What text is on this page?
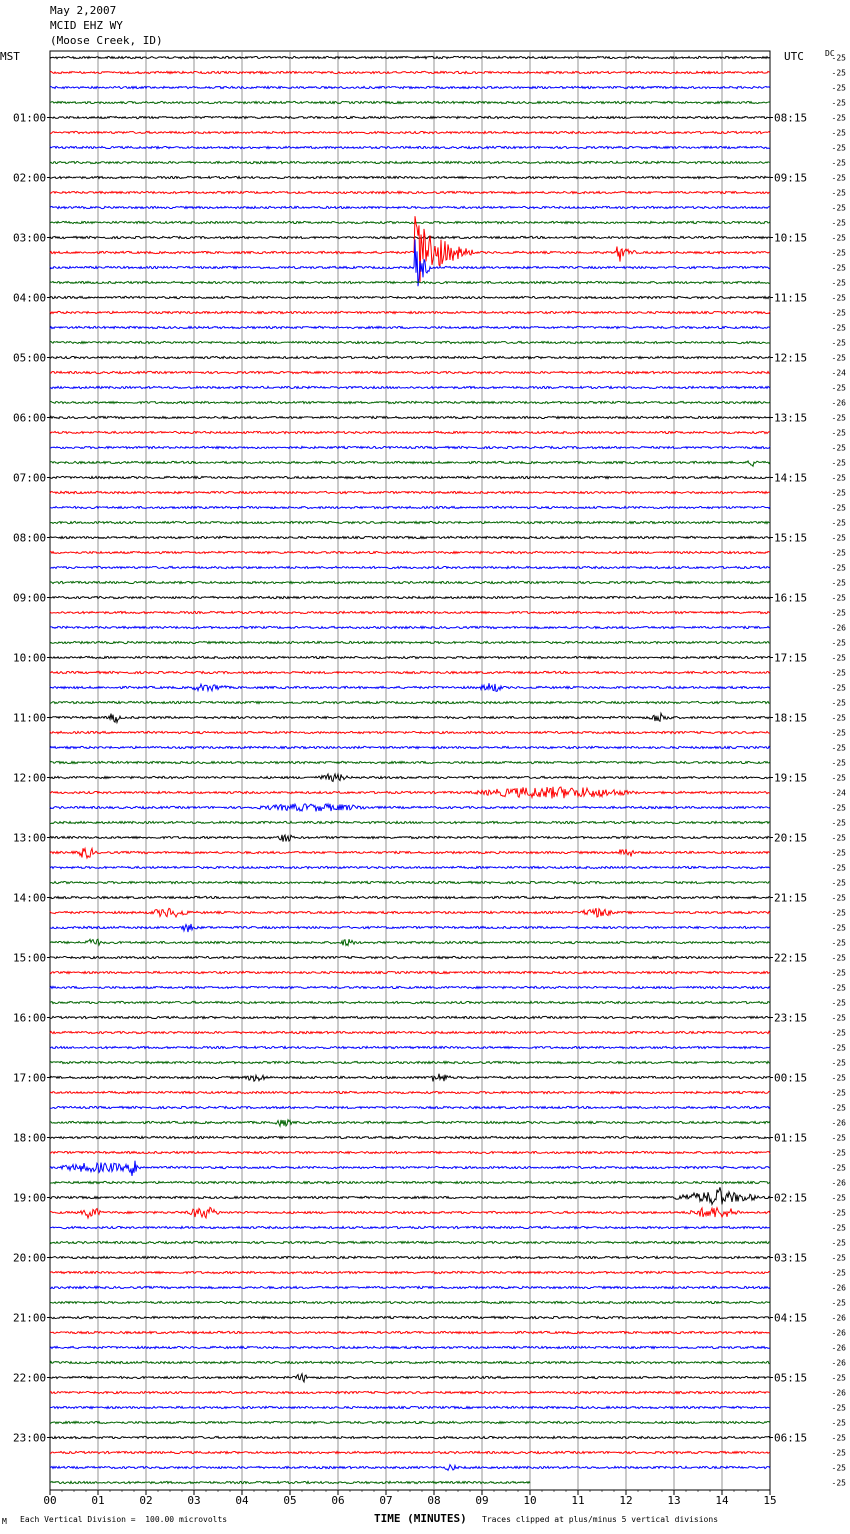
May 2,2007
MCID EHZ WY
(Moose Creek, ID)
MST	UTC	DC
00	01	02	03	04	05	06	07	08	09	10	11	12	13	14	15
-25
-25
-25
-25
-25
-25
-25
-25
-25
-25
-25
-25
-25
-25
-25
-25
-25
-25
-25
-25
-25
-24
-25
-26
-25
-25
-25
-25
-25
-25
-25
-25
-25
-25
-25
-25
-25
-25
-26
-25
-25
-25
-25
-25
-25
-25
-25
-25
-25
-24
-25
-25
-25
-25
-25
-25
-25
-25
-25
-25
-25
-25
-25
-25
-25
-25
-25
-25
-25
-25
-25
-26
-25
-25
-25
-26
-25
-25
-25
-25
-25
-25
-26
-25
-26
-26
-26
-26
-25
-26
-25
-25
-25
-25
-25
-25
01:00
02:00
03:00
04:00
05:00
06:00
07:00
08:00
09:00
10:00
11:00
12:00
13:00
14:00
15:00
16:00
17:00
18:00
19:00
20:00
21:00
22:00
23:00
08:15
09:15
10:15
11:15
12:15
13:15
14:15
15:15
16:15
17:15
18:15
19:15
20:15
21:15
22:15
23:15
00:15
01:15
02:15
03:15
04:15
05:15
06:15
M Each Vertical Division =  100.00 microvolts	TIME (MINUTES) Traces clipped at plus/minus 5 vertical divisions
